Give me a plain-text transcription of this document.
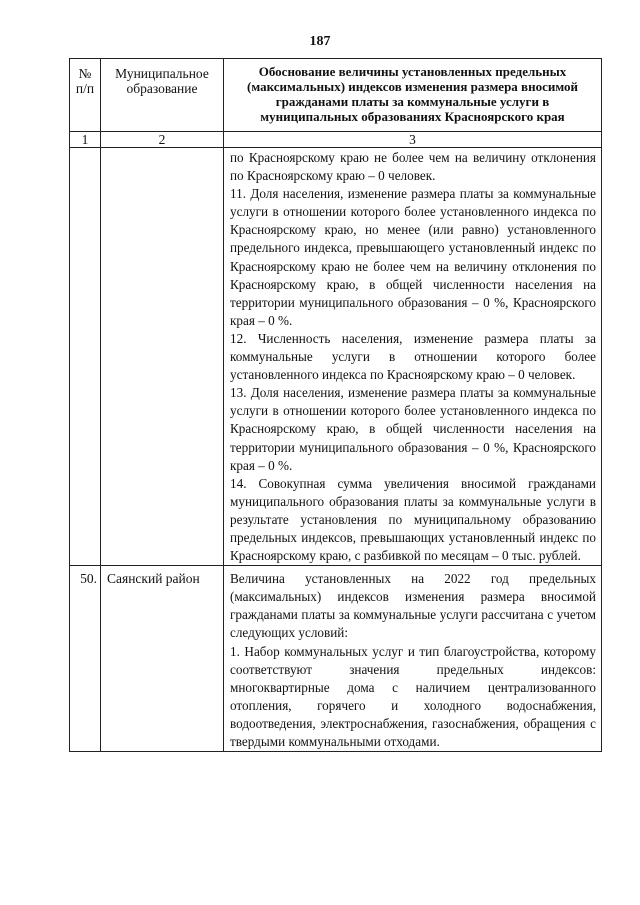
187
№ п/п	Муниципальное образование	Обоснование величины установленных предельных (максимальных) индексов изменения размера вносимой гражданами платы за коммунальные услуги в муниципальных образованиях Красноярского края
1	2	3

		по Красноярскому краю не более чем на величину отклонения по Красноярскому краю – 0 человек.

11. Доля населения, изменение размера платы за коммунальные услуги в отношении которого более установленного индекса по Красноярскому краю, но менее (или равно) установленного предельного индекса, превышающего установленный индекс по Красноярскому краю не более чем на величину отклонения по Красноярскому краю, в общей численности населения на территории муниципального образования – 0 %, Красноярского края – 0 %.

12. Численность населения, изменение размера платы за коммунальные услуги в отношении которого более установленного индекса по Красноярскому краю – 0 человек.

13. Доля населения, изменение размера платы за коммунальные услуги в отношении которого более установленного индекса по Красноярскому краю, в общей численности населения на территории муниципального образования – 0 %, Красноярского края – 0 %.

14. Совокупная сумма увеличения вносимой гражданами муниципального образования платы за коммунальные услуги в результате установления по муниципальному образованию предельных индексов, превышающих установленный индекс по Красноярскому краю, с разбивкой по месяцам – 0 тыс. рублей.

50.	Саянский район	Величина установленных на 2022 год предельных (максимальных) индексов изменения размера вносимой гражданами платы за коммунальные услуги рассчитана с учетом следующих условий:

1. Набор коммунальных услуг и тип благоустройства, которому соответствуют значения предельных индексов: многоквартирные дома с наличием централизованного отопления, горячего и холодного водоснабжения, водоотведения, электроснабжения, газоснабжения, обращения с твердыми коммунальными отходами.
